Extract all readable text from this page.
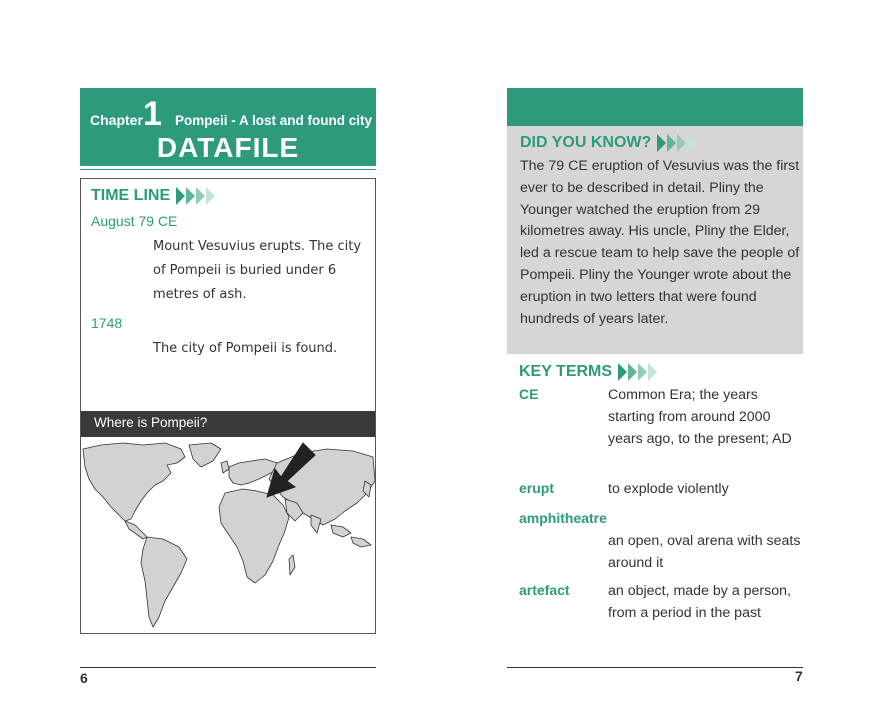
Chapter 1 Pompeii - A lost and found city
DATAFILE
TIME LINE
August 79 CE
Mount Vesuvius erupts. The city of Pompeii is buried under 6 metres of ash.
1748
The city of Pompeii is found.
Where is Pompeii?
6
DID YOU KNOW?
The 79 CE eruption of Vesuvius was the first ever to be described in detail. Pliny the Younger watched the eruption from 29 kilometres away. His uncle, Pliny the Elder, led a rescue team to help save the people of Pompeii. Pliny the Younger wrote about the eruption in two letters that were found hundreds of years later.
KEY TERMS
CE	Common Era; the years starting from around 2000 years ago, to the present; AD
erupt	to explode violently
amphitheatre
an open, oval arena with seats around it
artefact	an object, made by a person, from a period in the past
7
